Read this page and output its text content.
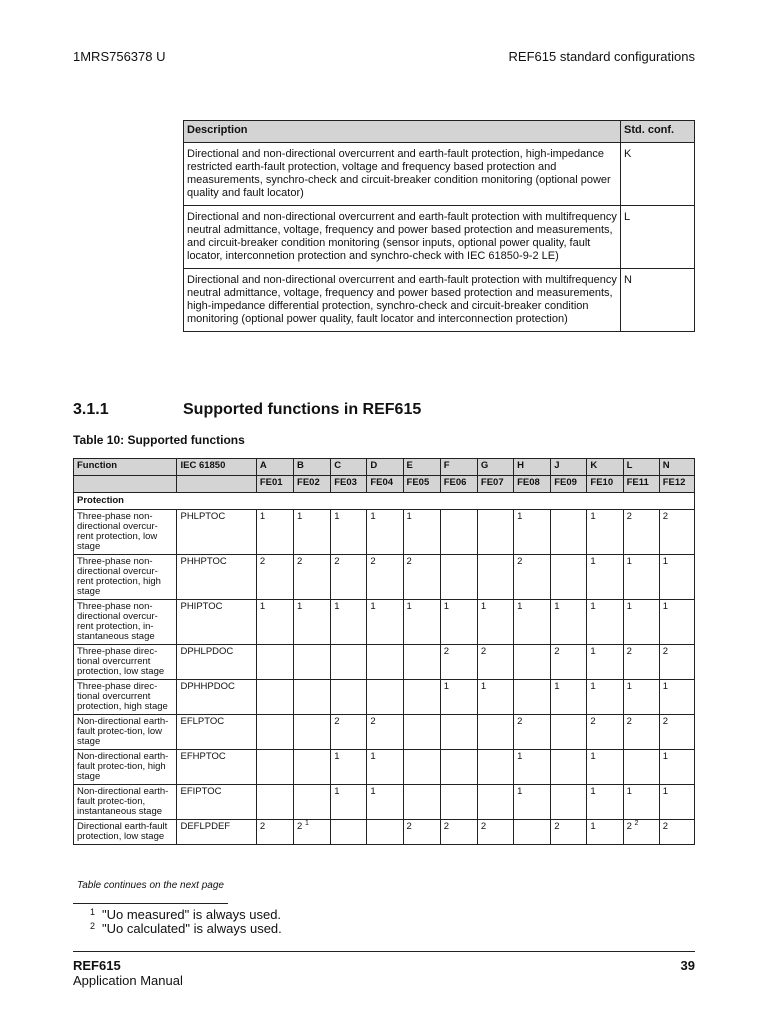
1MRS756378 U	REF615 standard configurations
Description	Std. conf.
Directional and non-directional overcurrent and earth-fault protection, high-impedance restricted earth-fault protection, voltage and frequency based protection and measurements, synchro-check and circuit-breaker condition monitoring (optional power quality and fault locator)	K
Directional and non-directional overcurrent and earth-fault protection with multifrequency neutral admittance, voltage, frequency and power based protection and measurements, and circuit-breaker condition monitoring (sensor inputs, optional power quality, fault locator, interconnetion protection and synchro-check with IEC 61850-9-2 LE)	L
Directional and non-directional overcurrent and earth-fault protection with multifrequency neutral admittance, voltage, frequency and power based protection and measurements, high-impedance differential protection, synchro-check and circuit-breaker condition monitoring (optional power quality, fault locator and interconnection protection)	N
3.1.1	Supported functions in REF615
Table 10: Supported functions
Function	IEC 61850	A	B	C	D	E	F	G	H	J	K	L	N
		FE01	FE02	FE03	FE04	FE05	FE06	FE07	FE08	FE09	FE10	FE11	FE12
Protection													
Three-phase non-directional overcur-rent protection, low stage	PHLPTOC	1	1	1	1	1			1		1	2	2
Three-phase non-directional overcur-rent protection, high stage	PHHPTOC	2	2	2	2	2			2		1	1	1
Three-phase non-directional overcur-rent protection, in-stantaneous stage	PHIPTOC	1	1	1	1	1	1	1	1	1	1	1	1
Three-phase direc-tional overcurrent protection, low stage	DPHLPDOC						2	2		2	1	2	2
Three-phase direc-tional overcurrent protection, high stage	DPHHPDOC						1	1		1	1	1	1
Non-directional earth-fault protec-tion, low stage	EFLPTOC			2	2				2		2	2	2
Non-directional earth-fault protec-tion, high stage	EFHPTOC			1	1				1		1		1
Non-directional earth-fault protec-tion, instantaneous stage	EFIPTOC			1	1				1		1	1	1
Directional earth-fault protection, low stage	DEFLPDEF	2	2 $^1$			2	2	2		2	1	2 $^2$	2
Table continues on the next page
1 "Uo measured" is always used.
2 "Uo calculated" is always used.
REF615	39
Application Manual
